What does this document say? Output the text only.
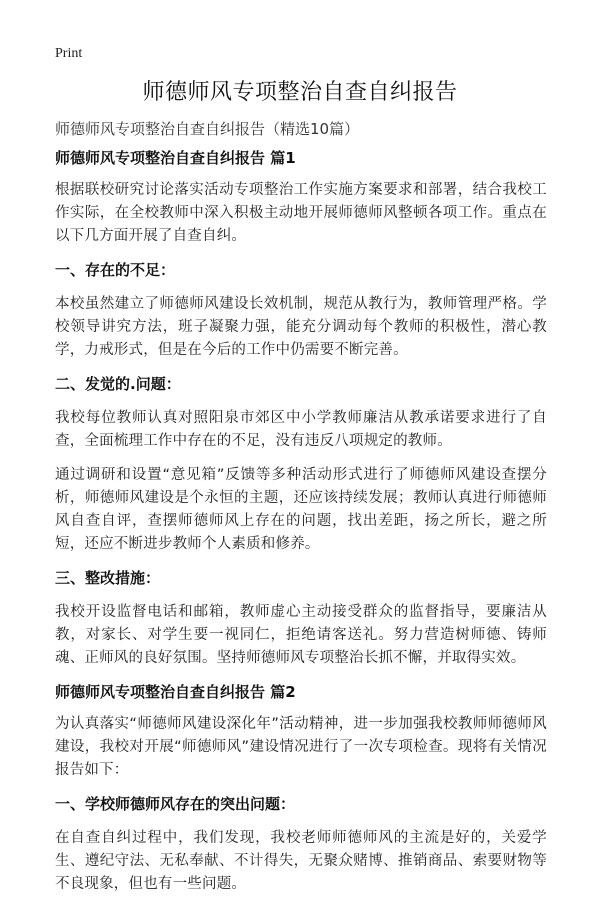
Print
师德师风专项整治自查自纠报告

师德师风专项整治自查自纠报告（精选10篇）

师德师风专项整治自查自纠报告 篇1

根据联校研究讨论落实活动专项整治工作实施方案要求和部署，结合我校工作实际，在全校教师中深入积极主动地开展师德师风整顿各项工作。重点在以下几方面开展了自查自纠。

一、存在的不足：

本校虽然建立了师德师风建设长效机制，规范从教行为，教师管理严格。学校领导讲究方法，班子凝聚力强，能充分调动每个教师的积极性，潜心教学，力戒形式，但是在今后的工作中仍需要不断完善。

二、发觉的.问题：

我校每位教师认真对照阳泉市郊区中小学教师廉洁从教承诺要求进行了自查，全面梳理工作中存在的不足，没有违反八项规定的教师。

通过调研和设置“意见箱”反馈等多种活动形式进行了师德师风建设查摆分析，师德师风建设是个永恒的主题，还应该持续发展；教师认真进行师德师风自查自评，查摆师德师风上存在的问题，找出差距，扬之所长，避之所短，还应不断进步教师个人素质和修养。

三、整改措施：

我校开设监督电话和邮箱，教师虚心主动接受群众的监督指导，要廉洁从教，对家长、对学生要一视同仁，拒绝请客送礼。努力营造树师德、铸师魂、正师风的良好氛围。坚持师德师风专项整治长抓不懈，并取得实效。

师德师风专项整治自查自纠报告 篇2

为认真落实“师德师风建设深化年”活动精神，进一步加强我校教师师德师风建设，我校对开展“师德师风”建设情况进行了一次专项检查。现将有关情况报告如下：

一、学校师德师风存在的突出问题：

在自查自纠过程中，我们发现，我校老师师德师风的主流是好的，关爱学生、遵纪守法、无私奉献、不计得失，无聚众赌博、推销商品、索要财物等不良现象，但也有一些问题。
